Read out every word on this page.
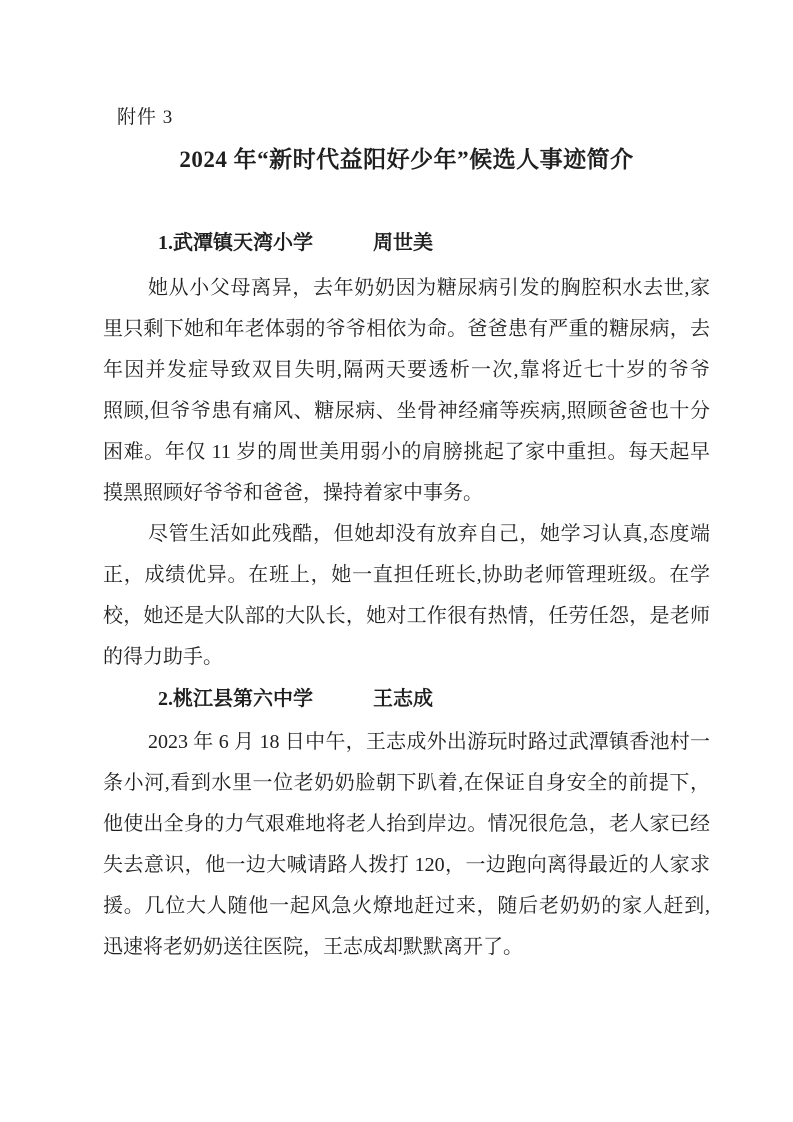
附件 3
2024 年“新时代益阳好少年”候选人事迹简介
1.武潭镇天湾小学　　　周世美
她从小父母离异，去年奶奶因为糖尿病引发的胸腔积水去世,家
里只剩下她和年老体弱的爷爷相依为命。爸爸患有严重的糖尿病，去
年因并发症导致双目失明,隔两天要透析一次,靠将近七十岁的爷爷
照顾,但爷爷患有痛风、糖尿病、坐骨神经痛等疾病,照顾爸爸也十分
困难。年仅 11 岁的周世美用弱小的肩膀挑起了家中重担。每天起早
摸黑照顾好爷爷和爸爸，操持着家中事务。
尽管生活如此残酷，但她却没有放弃自己，她学习认真,态度端
正，成绩优异。在班上，她一直担任班长,协助老师管理班级。在学
校，她还是大队部的大队长，她对工作很有热情，任劳任怨，是老师
的得力助手。
2.桃江县第六中学　　　王志成
2023 年 6 月 18 日中午，王志成外出游玩时路过武潭镇香池村一
条小河,看到水里一位老奶奶脸朝下趴着,在保证自身安全的前提下，
他使出全身的力气艰难地将老人抬到岸边。情况很危急，老人家已经
失去意识，他一边大喊请路人拨打 120，一边跑向离得最近的人家求
援。几位大人随他一起风急火燎地赶过来，随后老奶奶的家人赶到,
迅速将老奶奶送往医院，王志成却默默离开了。
